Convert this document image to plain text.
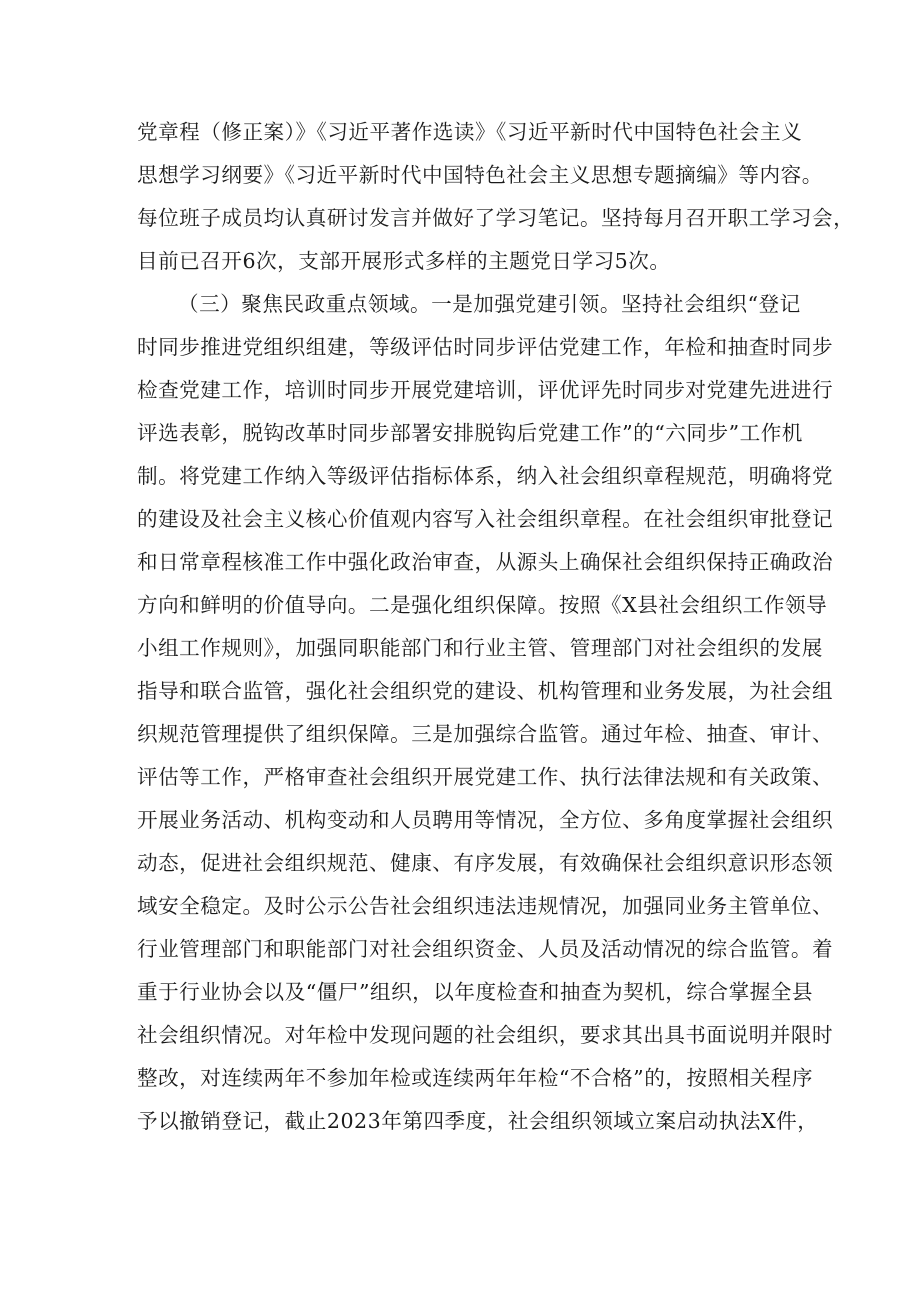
党章程（修正案）》《习近平著作选读》《习近平新时代中国特色社会主义
思想学习纲要》《习近平新时代中国特色社会主义思想专题摘编》等内容。
每位班子成员均认真研讨发言并做好了学习笔记。坚持每月召开职工学习会，
目前已召开6次，支部开展形式多样的主题党日学习5次。
（三）聚焦民政重点领域。一是加强党建引领。坚持社会组织“登记
时同步推进党组织组建，等级评估时同步评估党建工作，年检和抽查时同步
检查党建工作，培训时同步开展党建培训，评优评先时同步对党建先进进行
评选表彰，脱钩改革时同步部署安排脱钩后党建工作”的“六同步”工作机
制。将党建工作纳入等级评估指标体系，纳入社会组织章程规范，明确将党
的建设及社会主义核心价值观内容写入社会组织章程。在社会组织审批登记
和日常章程核准工作中强化政治审查，从源头上确保社会组织保持正确政治
方向和鲜明的价值导向。二是强化组织保障。按照《X县社会组织工作领导
小组工作规则》，加强同职能部门和行业主管、管理部门对社会组织的发展
指导和联合监管，强化社会组织党的建设、机构管理和业务发展，为社会组
织规范管理提供了组织保障。三是加强综合监管。通过年检、抽查、审计、
评估等工作，严格审查社会组织开展党建工作、执行法律法规和有关政策、
开展业务活动、机构变动和人员聘用等情况，全方位、多角度掌握社会组织
动态，促进社会组织规范、健康、有序发展，有效确保社会组织意识形态领
域安全稳定。及时公示公告社会组织违法违规情况，加强同业务主管单位、
行业管理部门和职能部门对社会组织资金、人员及活动情况的综合监管。着
重于行业协会以及“僵尸”组织，以年度检查和抽查为契机，综合掌握全县
社会组织情况。对年检中发现问题的社会组织，要求其出具书面说明并限时
整改，对连续两年不参加年检或连续两年年检“不合格”的，按照相关程序
予以撤销登记，截止2023年第四季度，社会组织领域立案启动执法X件，
